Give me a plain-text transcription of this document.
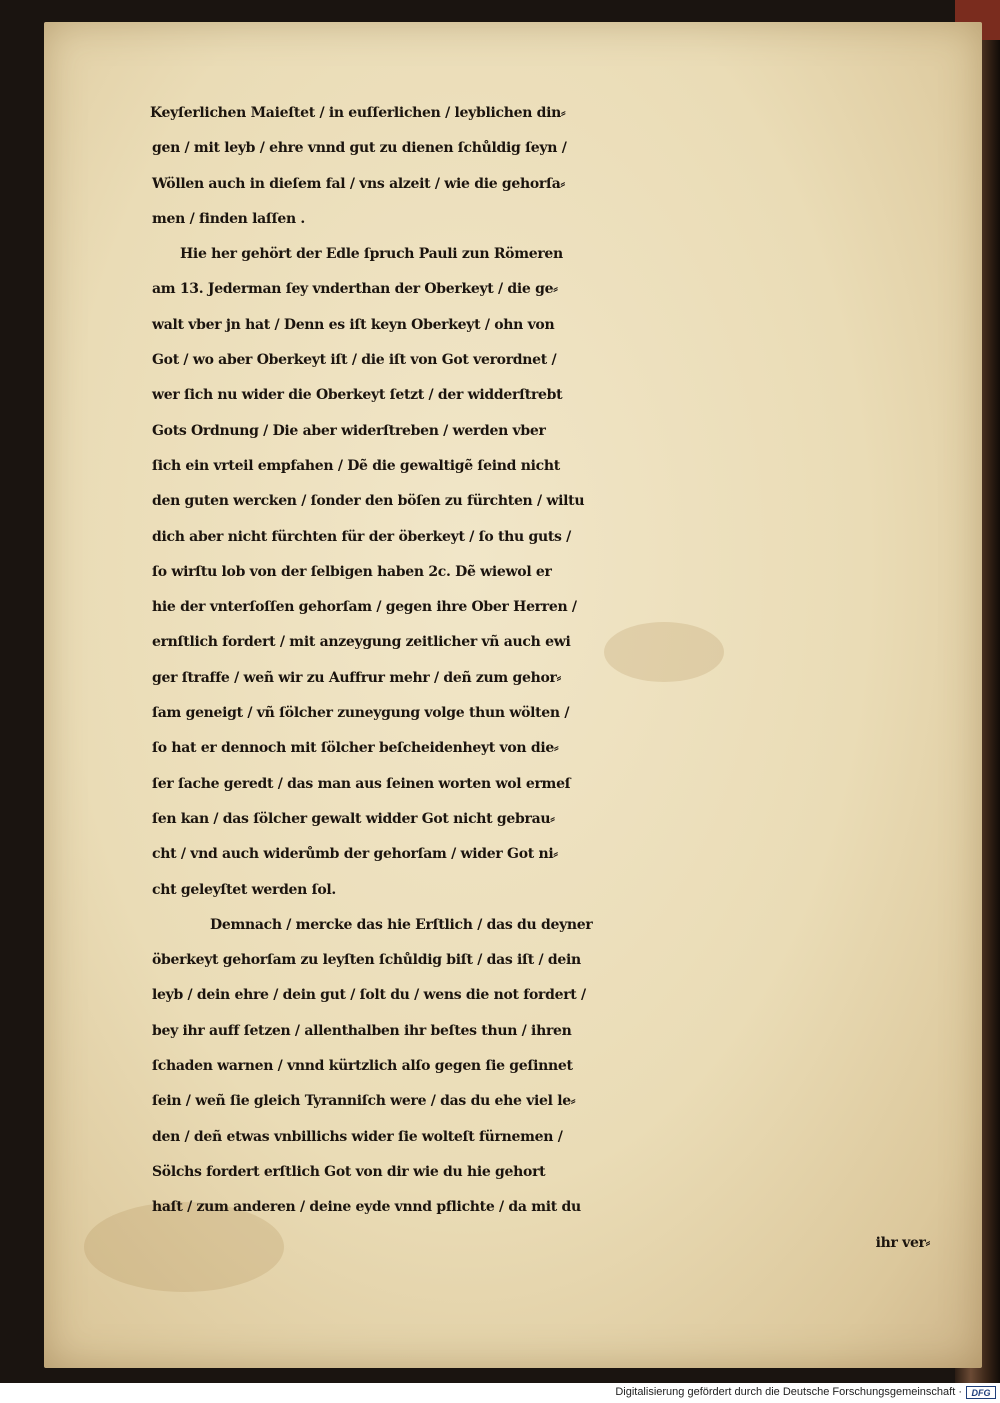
Keyſerlichen Maieſtet / in euſſerlichen / leyblichen din⸗
gen / mit leyb / ehre vnnd gut zu dienen ſchůldig ſeyn /
Wöllen auch in dieſem fal / vns alzeit / wie die gehorſa⸗
men / finden laſſen .
Hie her gehört der Edle ſpruch Pauli zun Römeren
am 13. Jederman ſey vnderthan der Oberkeyt / die ge⸗
walt vber jn hat / Denn es iſt keyn Oberkeyt / ohn von
Got / wo aber Oberkeyt iſt / die iſt von Got verordnet /
wer ſich nu wider die Oberkeyt ſetzt / der widderſtrebt
Gots Ordnung / Die aber widerſtreben / werden vber
ſich ein vrteil empfahen / Dẽ die gewaltigẽ ſeind nicht
den guten wercken / ſonder den böſen zu fürchten / wiltu
dich aber nicht fürchten für der öberkeyt / ſo thu guts /
ſo wirſtu lob von der ſelbigen haben 2c. Dẽ wiewol er
hie der vnterſoſſen gehorſam / gegen ihre Ober Herren /
ernſtlich fordert / mit anzeygung zeitlicher vñ auch ewi
ger ſtraffe / weñ wir zu Auffrur mehr / deñ zum gehor⸗
ſam geneigt / vñ ſölcher zuneygung volge thun wölten /
ſo hat er dennoch mit ſölcher beſcheidenheyt von die⸗
ſer ſache geredt / das man aus ſeinen worten wol ermeſ
ſen kan / das ſölcher gewalt widder Got nicht gebrau⸗
cht / vnd auch widerůmb der gehorſam / wider Got ni⸗
cht geleyſtet werden ſol.
Demnach / mercke das hie Erſtlich / das du deyner
öberkeyt gehorſam zu leyſten ſchůldig biſt / das iſt / dein
leyb / dein ehre / dein gut / ſolt du / wens die not fordert /
bey ihr auff ſetzen / allenthalben ihr beſtes thun / ihren
ſchaden warnen / vnnd kürtzlich alſo gegen ſie geſinnet
ſein / weñ ſie gleich Tyranniſch were / das du ehe viel le⸗
den / deñ etwas vnbillichs wider ſie wolteſt fürnemen /
Sölchs fordert erſtlich Got von dir wie du hie gehort
haſt / zum anderen / deine eyde vnnd pflichte / da mit du
ihr ver⸗
Digitalisierung gefördert durch die Deutsche Forschungsgemeinschaft ·	DFG
